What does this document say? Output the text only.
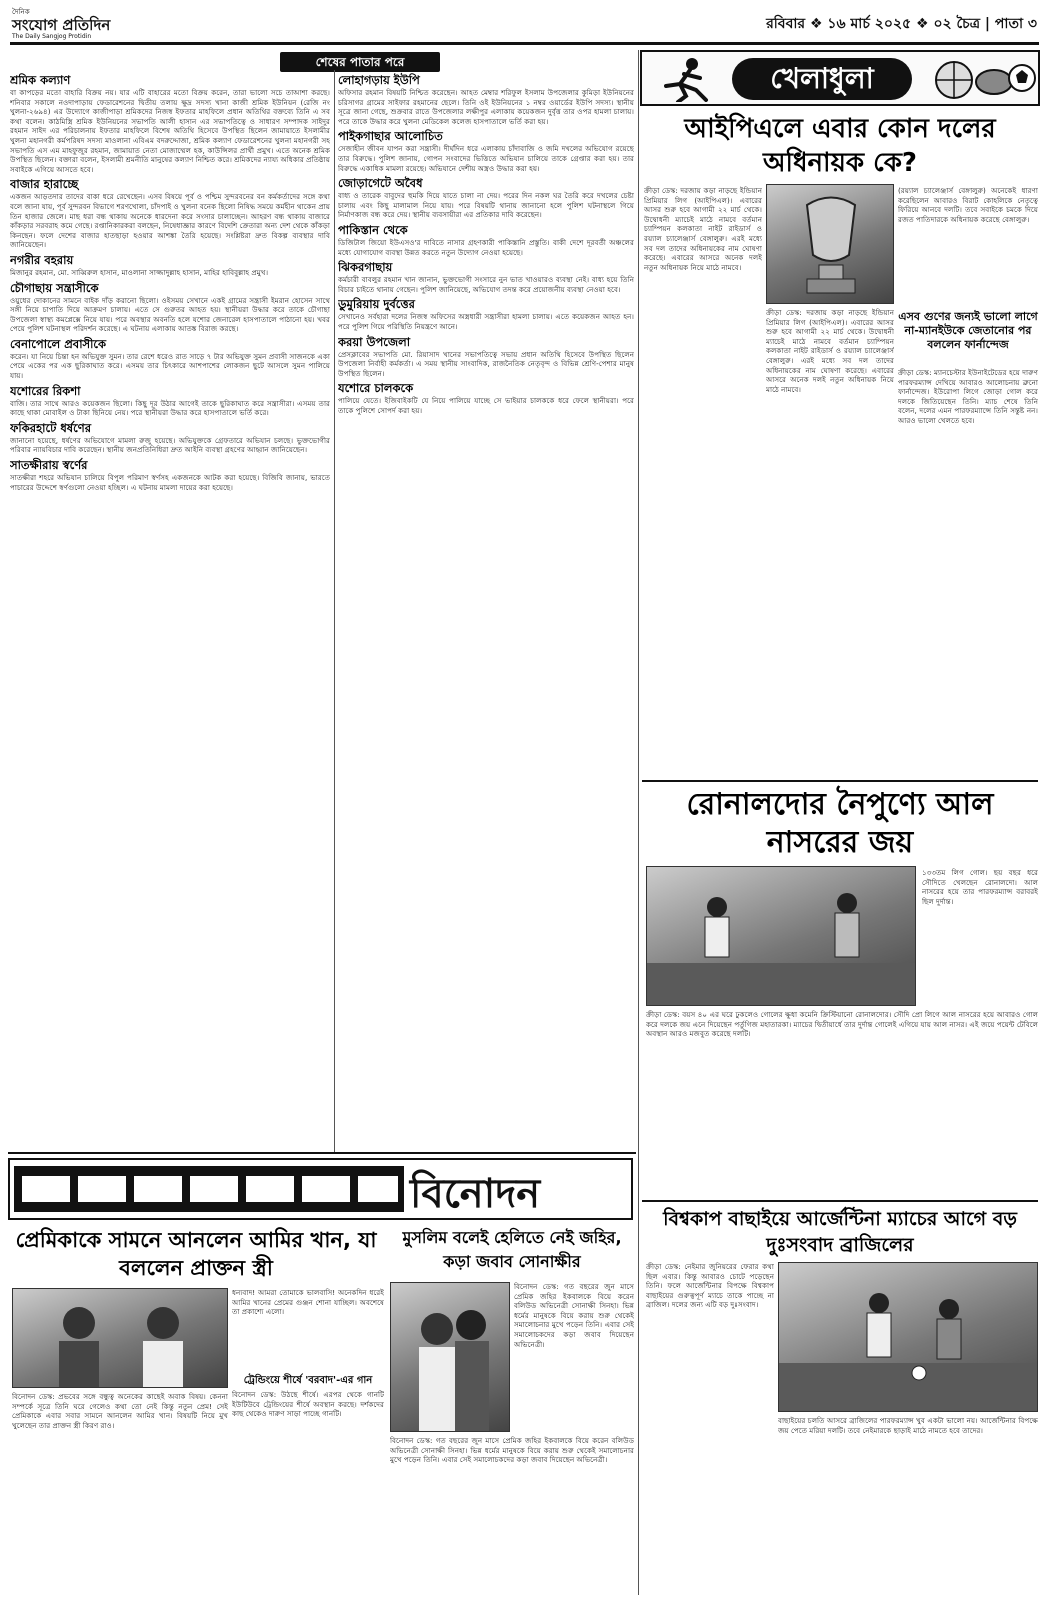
দৈনিক
সংযোগ প্রতিদিন
The Daily Sangjog Protidin
রবিবার ❖ ১৬ মার্চ ২০২৫ ❖ ০২ চৈত্র | পাতা ৩
শেষের পাতার পরে
শ্রমিক কল্যাণ

বা কাপড়ের মতো বাহারি বিক্রয় নয়। যার এটি বাহারের মতো বিক্রয় করেন, তারা ভালো সচে তাআশা করছে। শনিবার সকালে নওদাপাড়ায় ফেডারেশনের দ্বিতীয় তলায় ক্ষুদ্র সদস্য খানা কাজী শ্রমিক ইউনিয়ন (রেজি নং খুলনা-২৬৯৪) এর উদ্যোগে কাজীপাড়া শ্রমিকদের নিজস্ব ইফতার মাহফিলে প্রধান অতিথির বক্তব্যে তিনি এ সব কথা বলেন। কাঠমিস্ত্রি শ্রমিক ইউনিয়নের সভাপতি আলী হাসান এর সভাপতিত্বে ও সাধারণ সম্পাদক সাইদুর রহমান সাইদ এর পরিচালনায় ইফতার মাহফিলে বিশেষ অতিথি হিসেবে উপস্থিত ছিলেন জামায়াতে ইসলামীর খুলনা মহানগরী কর্মপরিষদ সদস্য মাওলানা এবিএম বদরুদ্দোজা, শ্রমিক কল্যাণ ফেডারেশনের খুলনা মহানগরী সহ সভাপতি এস এম মাহফুজুর রহমান, জামায়াত নেতা মোজাম্মেল হক, কাউন্সিলর প্রার্থী প্রমুখ। এতে অনেক শ্রমিক উপস্থিত ছিলেন। বক্তারা বলেন, ইসলামী শ্রমনীতি মানুষের কল্যাণ নিশ্চিত করে। শ্রমিকদের ন্যায্য অধিকার প্রতিষ্ঠায় সবাইকে এগিয়ে আসতে হবে।

বাজার হারাচ্ছে

একজন আড়তদার তাদের বাকা ধরে রেখেছেন। এসব বিষয়ে পূর্ব ও পশ্চিম সুন্দরবনের বন কর্মকর্তাদের সঙ্গে কথা বলে জানা যায়, পূর্ব সুন্দরবন বিভাগে শরণখোলা, চাঁদপাই ও খুলনা বনেক ছিলো নিষিদ্ধ সময়ে কর্মহীন থাকেন প্রায় তিন হাজার জেলে। মাছ ধরা বন্ধ থাকায় অনেকে ধারদেনা করে সংসার চালাচ্ছেন। আহরণ বন্ধ থাকায় বাজারে কাঁকড়ার সরবরাহ কমে গেছে। রপ্তানিকারকরা বলছেন, নিষেধাজ্ঞার কারণে বিদেশি ক্রেতারা অন্য দেশ থেকে কাঁকড়া কিনছেন। ফলে দেশের বাজার হাতছাড়া হওয়ার আশঙ্কা তৈরি হয়েছে। সংশ্লিষ্টরা দ্রুত বিকল্প ব্যবস্থার দাবি জানিয়েছেন।

নগরীর বহরায়

মিজানুর রহমান, মো. সাব্বিরুল হাসান, মাওলানা সাজ্জাদুল্লাহ হাসান, মাহির হাবিবুল্লাহ প্রমুখ।

চৌগাছায় সন্ত্রাসীকে

ওয়ুধের দোকানের সামনে বাইক দাঁড় করানো ছিলো। ওইসময় সেখানে একই গ্রামের সন্ত্রাসী ইমরান হোসেন সাথে সঙ্গী নিয়ে চাপাতি দিয়ে আক্রমণ চালায়। এতে সে গুরুতর আহত হয়। স্থানীয়রা উদ্ধার করে তাকে চৌগাছা উপজেলা স্বাস্থ্য কমপ্লেক্সে নিয়ে যায়। পরে অবস্থার অবনতি হলে যশোর জেনারেল হাসপাতালে পাঠানো হয়। খবর পেয়ে পুলিশ ঘটনাস্থল পরিদর্শন করেছে। এ ঘটনায় এলাকায় আতঙ্ক বিরাজ করছে।

বেনাপোলে প্রবাসীকে

করেন। যা নিয়ে চিন্তা হন অভিযুক্ত সুমন। তার রেশে ধরেও রাত সাড়ে ৭ টার অভিযুক্ত সুমন প্রবাসী সাজনকে একা পেয়ে একের পর এক ছুরিকাঘাত করে। এসময় তার চিৎকারে আশপাশের লোকজন ছুটে আসলে সুমন পালিয়ে যায়।

যশোরের রিকশা

বাজি। তার সাথে আরও কয়েকজন ছিলো। কিছু দূর উঠার আগেই তাকে ছুরিকাঘাত করে সন্ত্রাসীরা। এসময় তার কাছে থাকা মোবাইল ও টাকা ছিনিয়ে নেয়। পরে স্থানীয়রা উদ্ধার করে হাসপাতালে ভর্তি করে।

ফকিরহাটে ধর্ষণের

জানানো হয়েছে, ধর্ষণের অভিযোগে মামলা রুজু হয়েছে। অভিযুক্তকে গ্রেফতারে অভিযান চলছে। ভুক্তভোগীর পরিবার ন্যায়বিচার দাবি করেছেন। স্থানীয় জনপ্রতিনিধিরা দ্রুত আইনি ব্যবস্থা গ্রহণের আহ্বান জানিয়েছেন।

সাতক্ষীরায় স্বর্ণের

সাতক্ষীরা শহরে অভিযান চালিয়ে বিপুল পরিমাণ স্বর্ণসহ একজনকে আটক করা হয়েছে। বিজিবি জানায়, ভারতে পাচারের উদ্দেশে স্বর্ণগুলো নেওয়া হচ্ছিল। এ ঘটনায় মামলা দায়ের করা হয়েছে।

লোহাগড়ায় ইউপি

অফিসার রহমান বিষয়টি নিশ্চিত করেছেন। আহত মেম্বার শরিফুল ইসলাম উপজেলার কুমিড়া ইউনিয়নের চরিসাগর গ্রামের সাইফার রহমানের ছেলে। তিনি ওই ইউনিয়নের ১ নম্বর ওয়ার্ডের ইউপি সদস্য। স্থানীয় সূত্রে জানা গেছে, শুক্রবার রাতে উপজেলার লক্ষীপুর এলাকায় কয়েকজন দুর্বৃত্ত তার ওপর হামলা চালায়। পরে তাকে উদ্ধার করে খুলনা মেডিকেল কলেজ হাসপাতালে ভর্তি করা হয়।

পাইকগাছার আলোচিত

সেজাহীন জীবন যাপন করা সন্ত্রাসী। দীর্ঘদিন ধরে এলাকায় চাঁদাবাজি ও জমি দখলের অভিযোগ রয়েছে তার বিরুদ্ধে। পুলিশ জানায়, গোপন সংবাদের ভিত্তিতে অভিযান চালিয়ে তাকে গ্রেপ্তার করা হয়। তার বিরুদ্ধে একাধিক মামলা রয়েছে। অভিযানে দেশীয় অস্ত্রও উদ্ধার করা হয়।

জোড়াগেটে অবৈধ

বাধ্য ও তারেক বাবুদের হুমকি দিয়ে যাতে চালা না দেয়। পরের দিন নকল ঘর তৈরি করে দখলের চেষ্টা চালায় এবং কিছু মালামাল নিয়ে যায়। পরে বিষয়টি থানায় জানানো হলে পুলিশ ঘটনাস্থলে গিয়ে নির্মাণকাজ বন্ধ করে দেয়। স্থানীয় ব্যবসায়ীরা এর প্রতিকার দাবি করেছেন।

পাকিস্তান থেকে

ডিজিটাল জিয়ো ইউএসও'র দাবিতে নাসার গ্রহণকারী পাকিস্তানি প্রস্তুতি। বাকী দেশে দূরবর্তী অঞ্চলের মধ্যে যোগাযোগ ব্যবস্থা উন্নত করতে নতুন উদ্যোগ নেওয়া হয়েছে।

ঝিকরগাছায়

কর্মচারী বাবলুর রহমান খান জানান, ভুক্তভোগী সংসারে নুন ভাত খাওয়ারও ব্যবস্থা নেই। বাধ্য হয়ে তিনি বিচার চাইতে থানায় গেছেন। পুলিশ জানিয়েছে, অভিযোগ তদন্ত করে প্রয়োজনীয় ব্যবস্থা নেওয়া হবে।

ডুমুরিয়ায় দুর্বত্তের

সেখানেও সর্বহারা দলের নিজস্ব অফিসের অস্ত্রধারী সন্ত্রাসীরা হামলা চালায়। এতে কয়েকজন আহত হন। পরে পুলিশ গিয়ে পরিস্থিতি নিয়ন্ত্রণে আনে।

করয়া উপজেলা

প্রেসক্লাবের সভাপতি মো. রিয়াসাদ খানের সভাপতিত্বে সভায় প্রধান অতিথি হিসেবে উপস্থিত ছিলেন উপজেলা নির্বাহী কর্মকর্তা। এ সময় স্থানীয় সাংবাদিক, রাজনৈতিক নেতৃবৃন্দ ও বিভিন্ন শ্রেণি-পেশার মানুষ উপস্থিত ছিলেন।

যশোরে চালককে

পালিয়ে যেতে। ইজিবাইকটি যে নিয়ে পালিয়ে যাচ্ছে সে ভাইয়ার চালককে ধরে ফেলে স্থানীয়রা। পরে তাকে পুলিশে সোপর্দ করা হয়।

খেলাধুলা
আইপিএলে এবার কোন দলের অধিনায়ক কে?

ক্রীড়া ডেস্ক: দরজায় কড়া নাড়ছে ইন্ডিয়ান প্রিমিয়ার লিগ (আইপিএল)। এবারের আসর শুরু হবে আগামী ২২ মার্চ থেকে। উদ্বোধনী ম্যাচেই মাঠে নামবে বর্তমান চ্যাম্পিয়ন কলকাতা নাইট রাইডার্স ও রয়্যাল চ্যালেঞ্জার্স বেঙ্গালুরু। এরই মধ্যে সব দল তাদের অধিনায়কের নাম ঘোষণা করেছে। এবারের আসরে অনেক দলই নতুন অধিনায়ক নিয়ে মাঠে নামবে।

(রয়্যাল চ্যালেঞ্জার্স বেঙ্গালুরু) অনেকেই ধারণা করেছিলেন আবারও বিরাট কোহলিকে নেতৃত্বে ফিরিয়ে আনবে দলটি। তবে সবাইকে চমকে দিয়ে রজত পাতিদারকে অধিনায়ক করেছে বেঙ্গালুরু।

এসব গুণের জন্যই ভালো লাগে না-ম্যানইউকে জেতানোর পর বললেন ফার্নান্দেজ

ক্রীড়া ডেস্ক: ম্যানচেস্টার ইউনাইটেডের হয়ে দারুণ পারফরম্যান্স দেখিয়ে আবারও আলোচনায় ব্রুনো ফার্নান্দেজ। ইউরোপা লিগে জোড়া গোল করে দলকে জিতিয়েছেন তিনি। ম্যাচ শেষে তিনি বলেন, দলের এমন পারফরম্যান্সে তিনি সন্তুষ্ট নন। আরও ভালো খেলতে হবে।

ক্রীড়া ডেস্ক: দরজায় কড়া নাড়ছে ইন্ডিয়ান প্রিমিয়ার লিগ (আইপিএল)। এবারের আসর শুরু হবে আগামী ২২ মার্চ থেকে। উদ্বোধনী ম্যাচেই মাঠে নামবে বর্তমান চ্যাম্পিয়ন কলকাতা নাইট রাইডার্স ও রয়্যাল চ্যালেঞ্জার্স বেঙ্গালুরু। এরই মধ্যে সব দল তাদের অধিনায়কের নাম ঘোষণা করেছে। এবারের আসরে অনেক দলই নতুন অধিনায়ক নিয়ে মাঠে নামবে।

রোনালদোর নৈপুণ্যে আল নাসরের জয়

১৩৩তম লিগ গোল। ছয় বছর ধরে সৌদিতে খেলছেন রোনালদো। আল নাসরের হয়ে তার পারফরম্যান্স বরাবরই ছিল দুর্দান্ত।

ক্রীড়া ডেস্ক: বয়স ৪০ এর ঘরে ঢুকলেও গোলের ক্ষুধা কমেনি ক্রিস্টিয়ানো রোনালদোর। সৌদি প্রো লিগে আল নাসরের হয়ে আবারও গোল করে দলকে জয় এনে দিয়েছেন পর্তুগিজ মহাতারকা। ম্যাচের দ্বিতীয়ার্ধে তার দুর্দান্ত গোলেই এগিয়ে যায় আল নাসর। এই জয়ে পয়েন্ট টেবিলে অবস্থান আরও মজবুত করেছে দলটি।

বিশ্বকাপ বাছাইয়ে আর্জেন্টিনা ম্যাচের আগে বড় দুঃসংবাদ ব্রাজিলের

ক্রীড়া ডেস্ক: নেইমার জুনিয়রের ফেরার কথা ছিল এবার। কিন্তু আবারও চোটে পড়েছেন তিনি। ফলে আর্জেন্টিনার বিপক্ষে বিশ্বকাপ বাছাইয়ের গুরুত্বপূর্ণ ম্যাচে তাকে পাচ্ছে না ব্রাজিল। দলের জন্য এটি বড় দুঃসংবাদ।

বাছাইয়ের চলতি আসরে ব্রাজিলের পারফরম্যান্স খুব একটা ভালো নয়। আর্জেন্টিনার বিপক্ষে জয় পেতে মরিয়া দলটি। তবে নেইমারকে ছাড়াই মাঠে নামতে হবে তাদের।

বিনোদন
প্রেমিকাকে সামনে আনলেন আমির খান, যা বললেন প্রাক্তন স্ত্রী

ধন্যবাদ! আমরা তোমাকে ভালবাসি! অনেকদিন ধরেই আমির খানের প্রেমের গুঞ্জন শোনা যাচ্ছিল। অবশেষে তা প্রকাশ্যে এলো।

ট্রেন্ডিংয়ে শীর্ষে 'বরবাদ'-এর গান

বিনোদন ডেস্ক: প্রভবের সঙ্গে বন্ধুত্ব অনেকের কাছেই অবাক বিষয়। কেননা সম্পর্কে সূত্রে তিনি ঘরে গেলেও কথা তো নেই কিন্তু নতুন প্রেম! সেই প্রেমিকাকে এবার সবার সামনে আনলেন আমির খান। বিষয়টি নিয়ে মুখ খুলেছেন তার প্রাক্তন স্ত্রী কিরণ রাও।

বিনোদন ডেস্ক: উঠছে শীর্ষে। এরপর থেকে গানটি ইউটিউবে ট্রেন্ডিংয়ের শীর্ষে অবস্থান করছে। দর্শকদের কাছ থেকেও দারুণ সাড়া পাচ্ছে গানটি।

মুসলিম বলেই হেলিতে নেই জহির, কড়া জবাব সোনাক্ষীর

বিনোদন ডেস্ক: গত বছরের জুন মাসে প্রেমিক জহির ইকবালকে বিয়ে করেন বলিউড অভিনেত্রী সোনাক্ষী সিনহা। ভিন্ন ধর্মের মানুষকে বিয়ে করায় শুরু থেকেই সমালোচনার মুখে পড়েন তিনি। এবার সেই সমালোচকদের কড়া জবাব দিয়েছেন অভিনেত্রী।

বিনোদন ডেস্ক: গত বছরের জুন মাসে প্রেমিক জহির ইকবালকে বিয়ে করেন বলিউড অভিনেত্রী সোনাক্ষী সিনহা। ভিন্ন ধর্মের মানুষকে বিয়ে করায় শুরু থেকেই সমালোচনার মুখে পড়েন তিনি। এবার সেই সমালোচকদের কড়া জবাব দিয়েছেন অভিনেত্রী।
